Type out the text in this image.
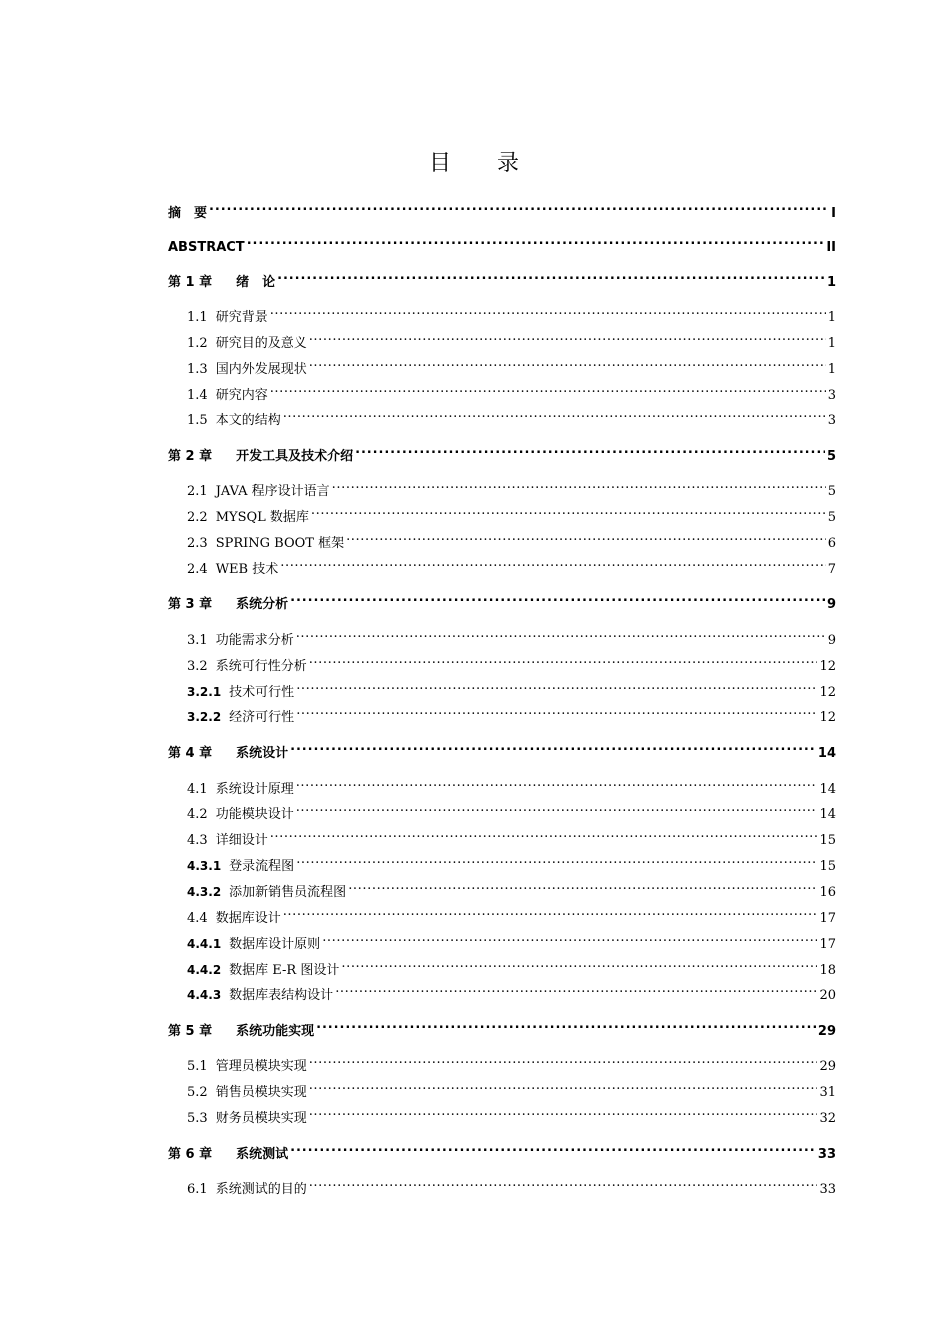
目 录
摘　要 .....	I
ABSTRACT .....	II
第 1 章 绪　论 .....	1
1.1 研究背景 .....	1
1.2 研究目的及意义 .....	1
1.3 国内外发展现状 .....	1
1.4 研究内容 .....	3
1.5 本文的结构 .....	3
第 2 章 开发工具及技术介绍 .....	5
2.1 JAVA 程序设计语言 .....	5
2.2 MYSQL 数据库 .....	5
2.3 SPRING BOOT 框架 .....	6
2.4 WEB 技术 .....	7
第 3 章 系统分析 .....	9
3.1 功能需求分析 .....	9
3.2 系统可行性分析 .....	12
3.2.1 技术可行性 .....	12
3.2.2 经济可行性 .....	12
第 4 章 系统设计 .....	14
4.1 系统设计原理 .....	14
4.2 功能模块设计 .....	14
4.3 详细设计 .....	15
4.3.1 登录流程图 .....	15
4.3.2 添加新销售员流程图 .....	16
4.4 数据库设计 .....	17
4.4.1 数据库设计原则 .....	17
4.4.2 数据库 E-R 图设计 .....	18
4.4.3 数据库表结构设计 .....	20
第 5 章 系统功能实现 .....	29
5.1 管理员模块实现 .....	29
5.2 销售员模块实现 .....	31
5.3 财务员模块实现 .....	32
第 6 章 系统测试 .....	33
6.1 系统测试的目的 .....	33
